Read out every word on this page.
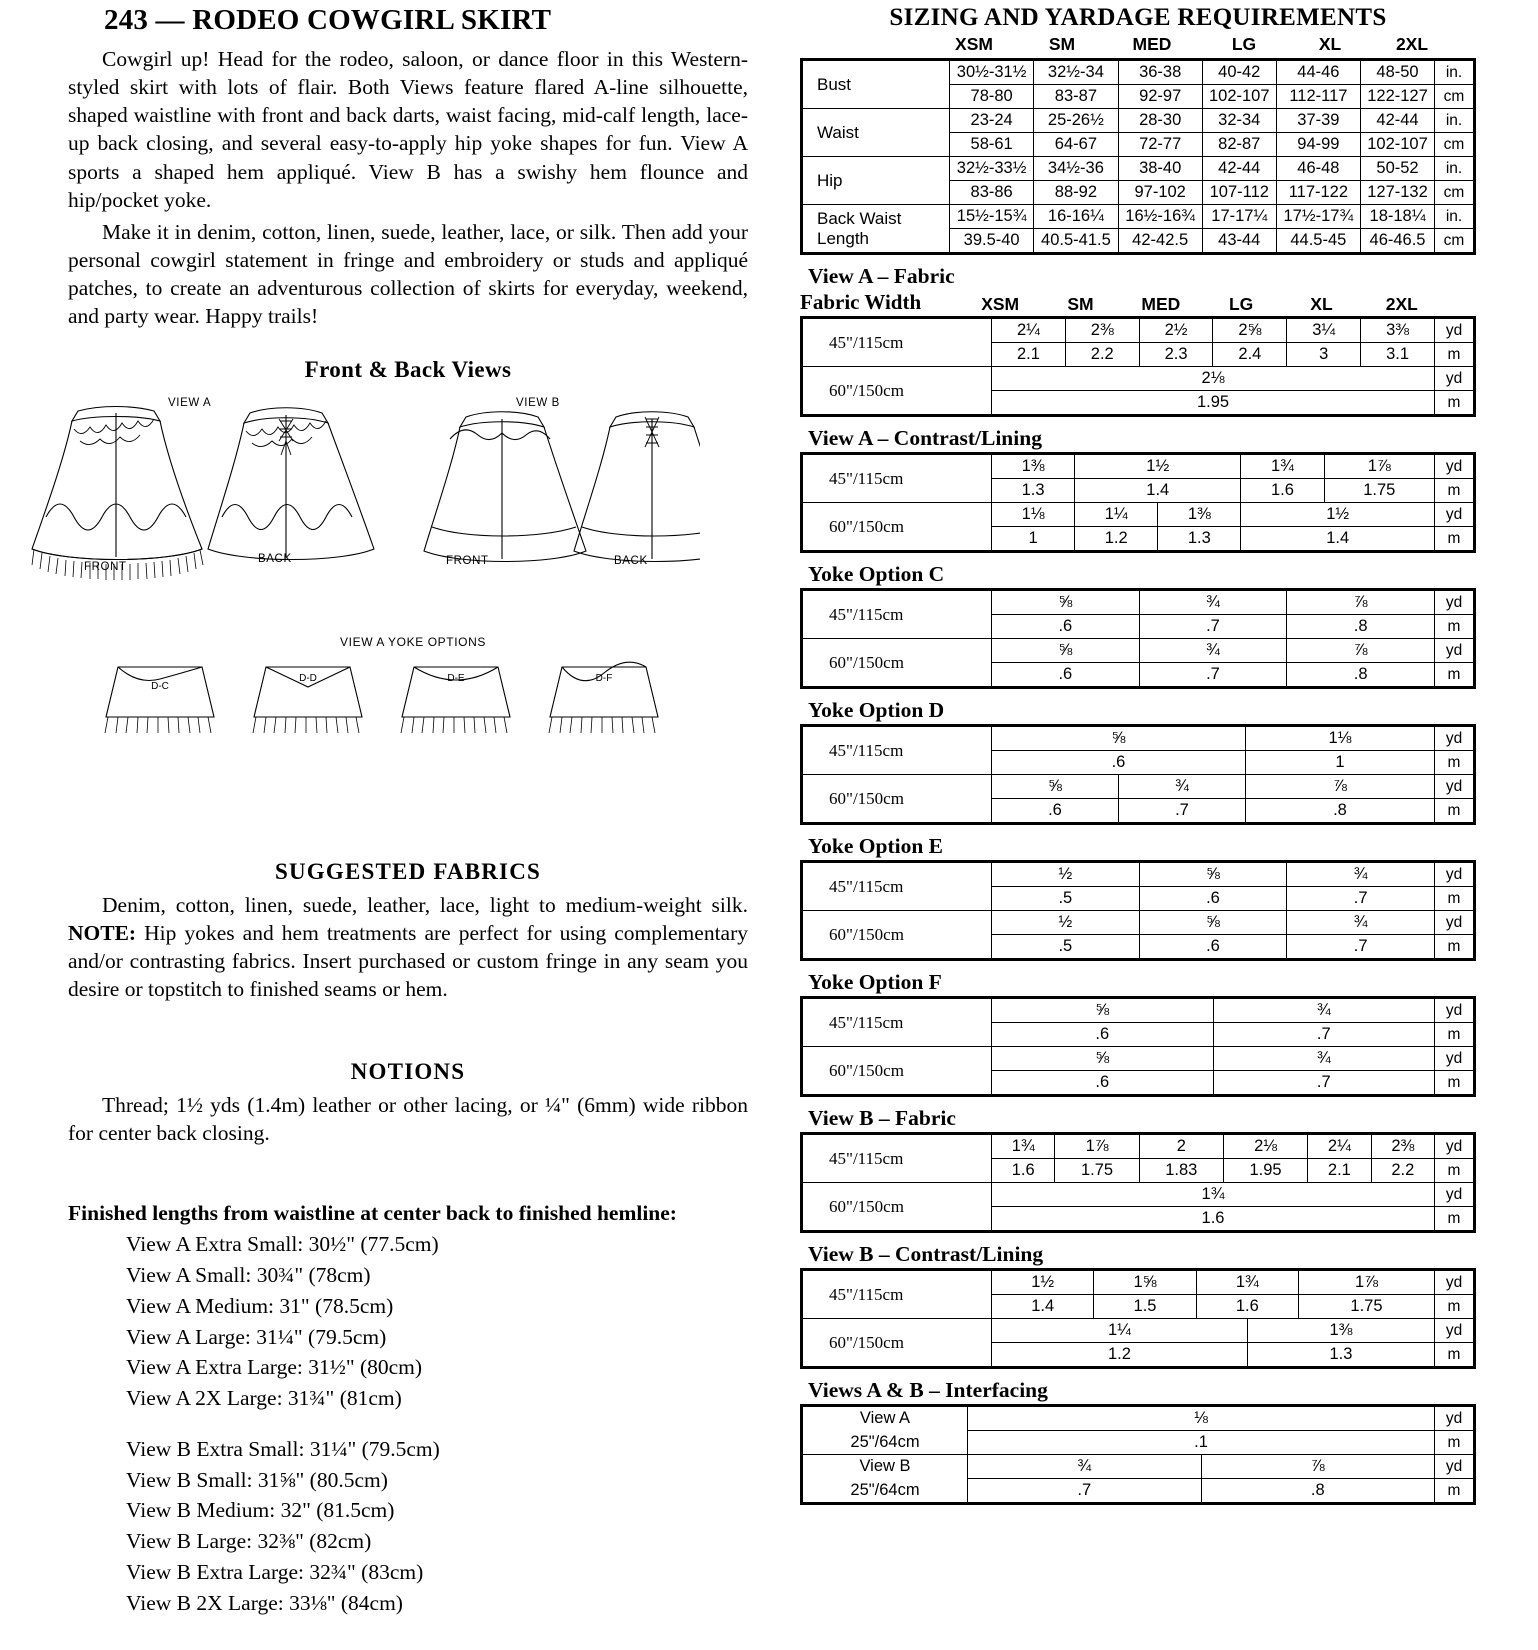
243 — RODEO COWGIRL SKIRT

Cowgirl up! Head for the rodeo, saloon, or dance floor in this Western-styled skirt with lots of flair. Both Views feature flared A-line silhouette, shaped waistline with front and back darts, waist facing, mid-calf length, lace-up back closing, and several easy-to-apply hip yoke shapes for fun. View A sports a shaped hem appliqué. View B has a swishy hem flounce and hip/pocket yoke.

Make it in denim, cotton, linen, suede, leather, lace, or silk. Then add your personal cowgirl statement in fringe and embroidery or studs and appliqué patches, to create an adventurous collection of skirts for everyday, weekend, and party wear. Happy trails!

Front & Back Views
VIEW A	VIEW B
FRONT
BACK	FRONT	BACK
VIEW A YOKE OPTIONS
D-C
D-D	D-E	D-F
SUGGESTED FABRICS

Denim, cotton, linen, suede, leather, lace, light to medium-weight silk. NOTE: Hip yokes and hem treatments are perfect for using complementary and/or contrasting fabrics. Insert purchased or custom fringe in any seam you desire or topstitch to finished seams or hem.

NOTIONS

Thread; 1½ yds (1.4m) leather or other lacing, or ¼" (6mm) wide ribbon for center back closing.

Finished lengths from waistline at center back to finished hemline:
View A Extra Small: 30½" (77.5cm)
View A Small: 30¾" (78cm)
View A Medium: 31" (78.5cm)
View A Large: 31¼" (79.5cm)
View A Extra Large: 31½" (80cm)
View A 2X Large: 31¾" (81cm)
View B Extra Small: 31¼" (79.5cm)
View B Small: 31⅝" (80.5cm)
View B Medium: 32" (81.5cm)
View B Large: 32⅜" (82cm)
View B Extra Large: 32¾" (83cm)
View B 2X Large: 33⅛" (84cm)
SIZING AND YARDAGE REQUIREMENTS
XSM	SM	MED	LG	XL	2XL
Bust	30½-31½	32½-34	36-38	40-42	44-46	48-50	in.
	78-80	83-87	92-97	102-107	112-117	122-127	cm
Waist	23-24	25-26½	28-30	32-34	37-39	42-44	in.
	58-61	64-67	72-77	82-87	94-99	102-107	cm
Hip	32½-33½	34½-36	38-40	42-44	46-48	50-52	in.
	83-86	88-92	97-102	107-112	117-122	127-132	cm
Back Waist Length	15½-15¾	16-16¼	16½-16¾	17-17¼	17½-17¾	18-18¼	in.
	39.5-40	40.5-41.5	42-42.5	43-44	44.5-45	46-46.5	cm
View A – Fabric
Fabric Width	XSM	SM	MED	LG	XL	2XL
45"/115cm	2¼	2⅜	2½	2⅝	3¼	3⅜	yd
	2.1	2.2	2.3	2.4	3	3.1	m
60"/150cm	2⅛						yd
	1.95						m
View A – Contrast/Lining
45"/115cm	1⅜	1½		1¾	1⅞	yd
	1.3	1.4		1.6	1.75	m
60"/150cm	1⅛	1¼	1⅜	1½		yd
	1	1.2	1.3	1.4		m
Yoke Option C
45"/115cm	⅝	¾	⅞	yd
	.6	.7	.8	m
60"/150cm	⅝	¾	⅞	yd
	.6	.7	.8	m
Yoke Option D
45"/115cm	⅝		1⅛	yd
	.6		1	m
60"/150cm	⅝	¾	⅞	yd
	.6	.7	.8	m
Yoke Option E
45"/115cm	½	⅝	¾	yd
	.5	.6	.7	m
60"/150cm	½	⅝	¾	yd
	.5	.6	.7	m
Yoke Option F
45"/115cm	⅝	¾	yd
	.6	.7	m
60"/150cm	⅝	¾	yd
	.6	.7	m
View B – Fabric
45"/115cm	1¾	1⅞	2	2⅛	2¼	2⅜	yd
	1.6	1.75	1.83	1.95	2.1	2.2	m
60"/150cm	1¾						yd
	1.6						m
View B – Contrast/Lining
45"/115cm	1½	1⅝	1¾		1⅞	yd
	1.4	1.5	1.6		1.75	m
60"/150cm	1¼			1⅜		yd
	1.2			1.3		m
Views A & B – Interfacing
View A	⅛		yd
25"/64cm	.1		m
View B	¾	⅞	yd
25"/64cm	.7	.8	m
